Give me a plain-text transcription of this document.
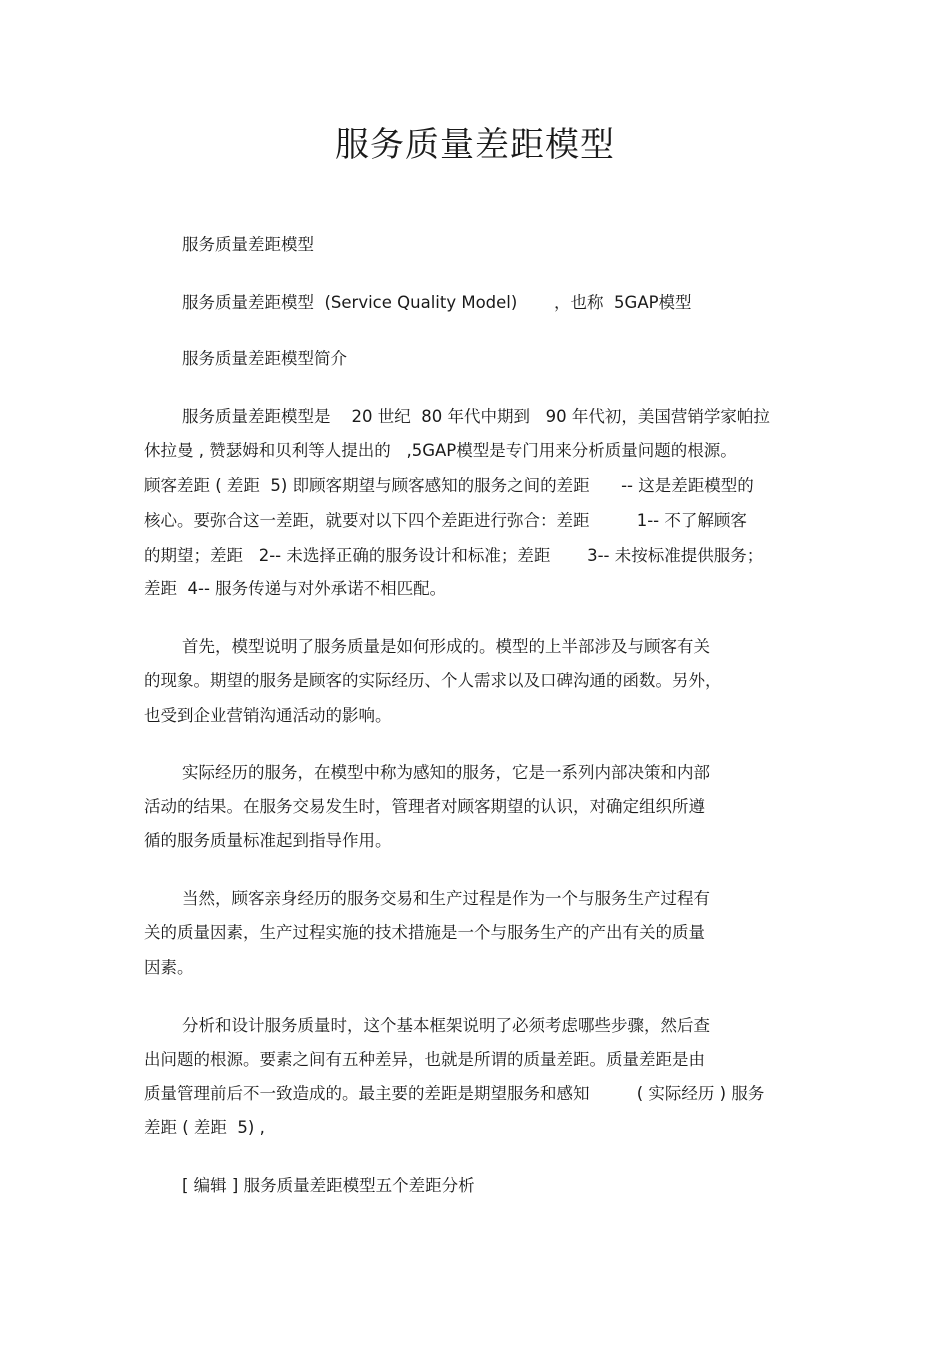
服务质量差距模型

服务质量差距模型

服务质量差距模型  (Service Quality Model)       ，也称  5GAP模型

服务质量差距模型简介

服务质量差距模型是    20 世纪  80 年代中期到   90 年代初，美国营销学家帕拉

休拉曼 , 赞瑟姆和贝利等人提出的   ,5GAP模型是专门用来分析质量问题的根源。

顾客差距 ( 差距  5) 即顾客期望与顾客感知的服务之间的差距      -- 这是差距模型的

核心。要弥合这一差距，就要对以下四个差距进行弥合：差距         1-- 不了解顾客

的期望；差距   2-- 未选择正确的服务设计和标准；差距       3-- 未按标准提供服务；

差距  4-- 服务传递与对外承诺不相匹配。

首先，模型说明了服务质量是如何形成的。模型的上半部涉及与顾客有关

的现象。期望的服务是顾客的实际经历、个人需求以及口碑沟通的函数。另外，

也受到企业营销沟通活动的影响。

实际经历的服务，在模型中称为感知的服务，它是一系列内部决策和内部

活动的结果。在服务交易发生时，管理者对顾客期望的认识，对确定组织所遵

循的服务质量标准起到指导作用。

当然，顾客亲身经历的服务交易和生产过程是作为一个与服务生产过程有

关的质量因素，生产过程实施的技术措施是一个与服务生产的产出有关的质量

因素。

分析和设计服务质量时，这个基本框架说明了必须考虑哪些步骤，然后查

出问题的根源。要素之间有五种差异，也就是所谓的质量差距。质量差距是由

质量管理前后不一致造成的。最主要的差距是期望服务和感知         ( 实际经历 ) 服务

差距 ( 差距  5) ,

[ 编辑 ] 服务质量差距模型五个差距分析
